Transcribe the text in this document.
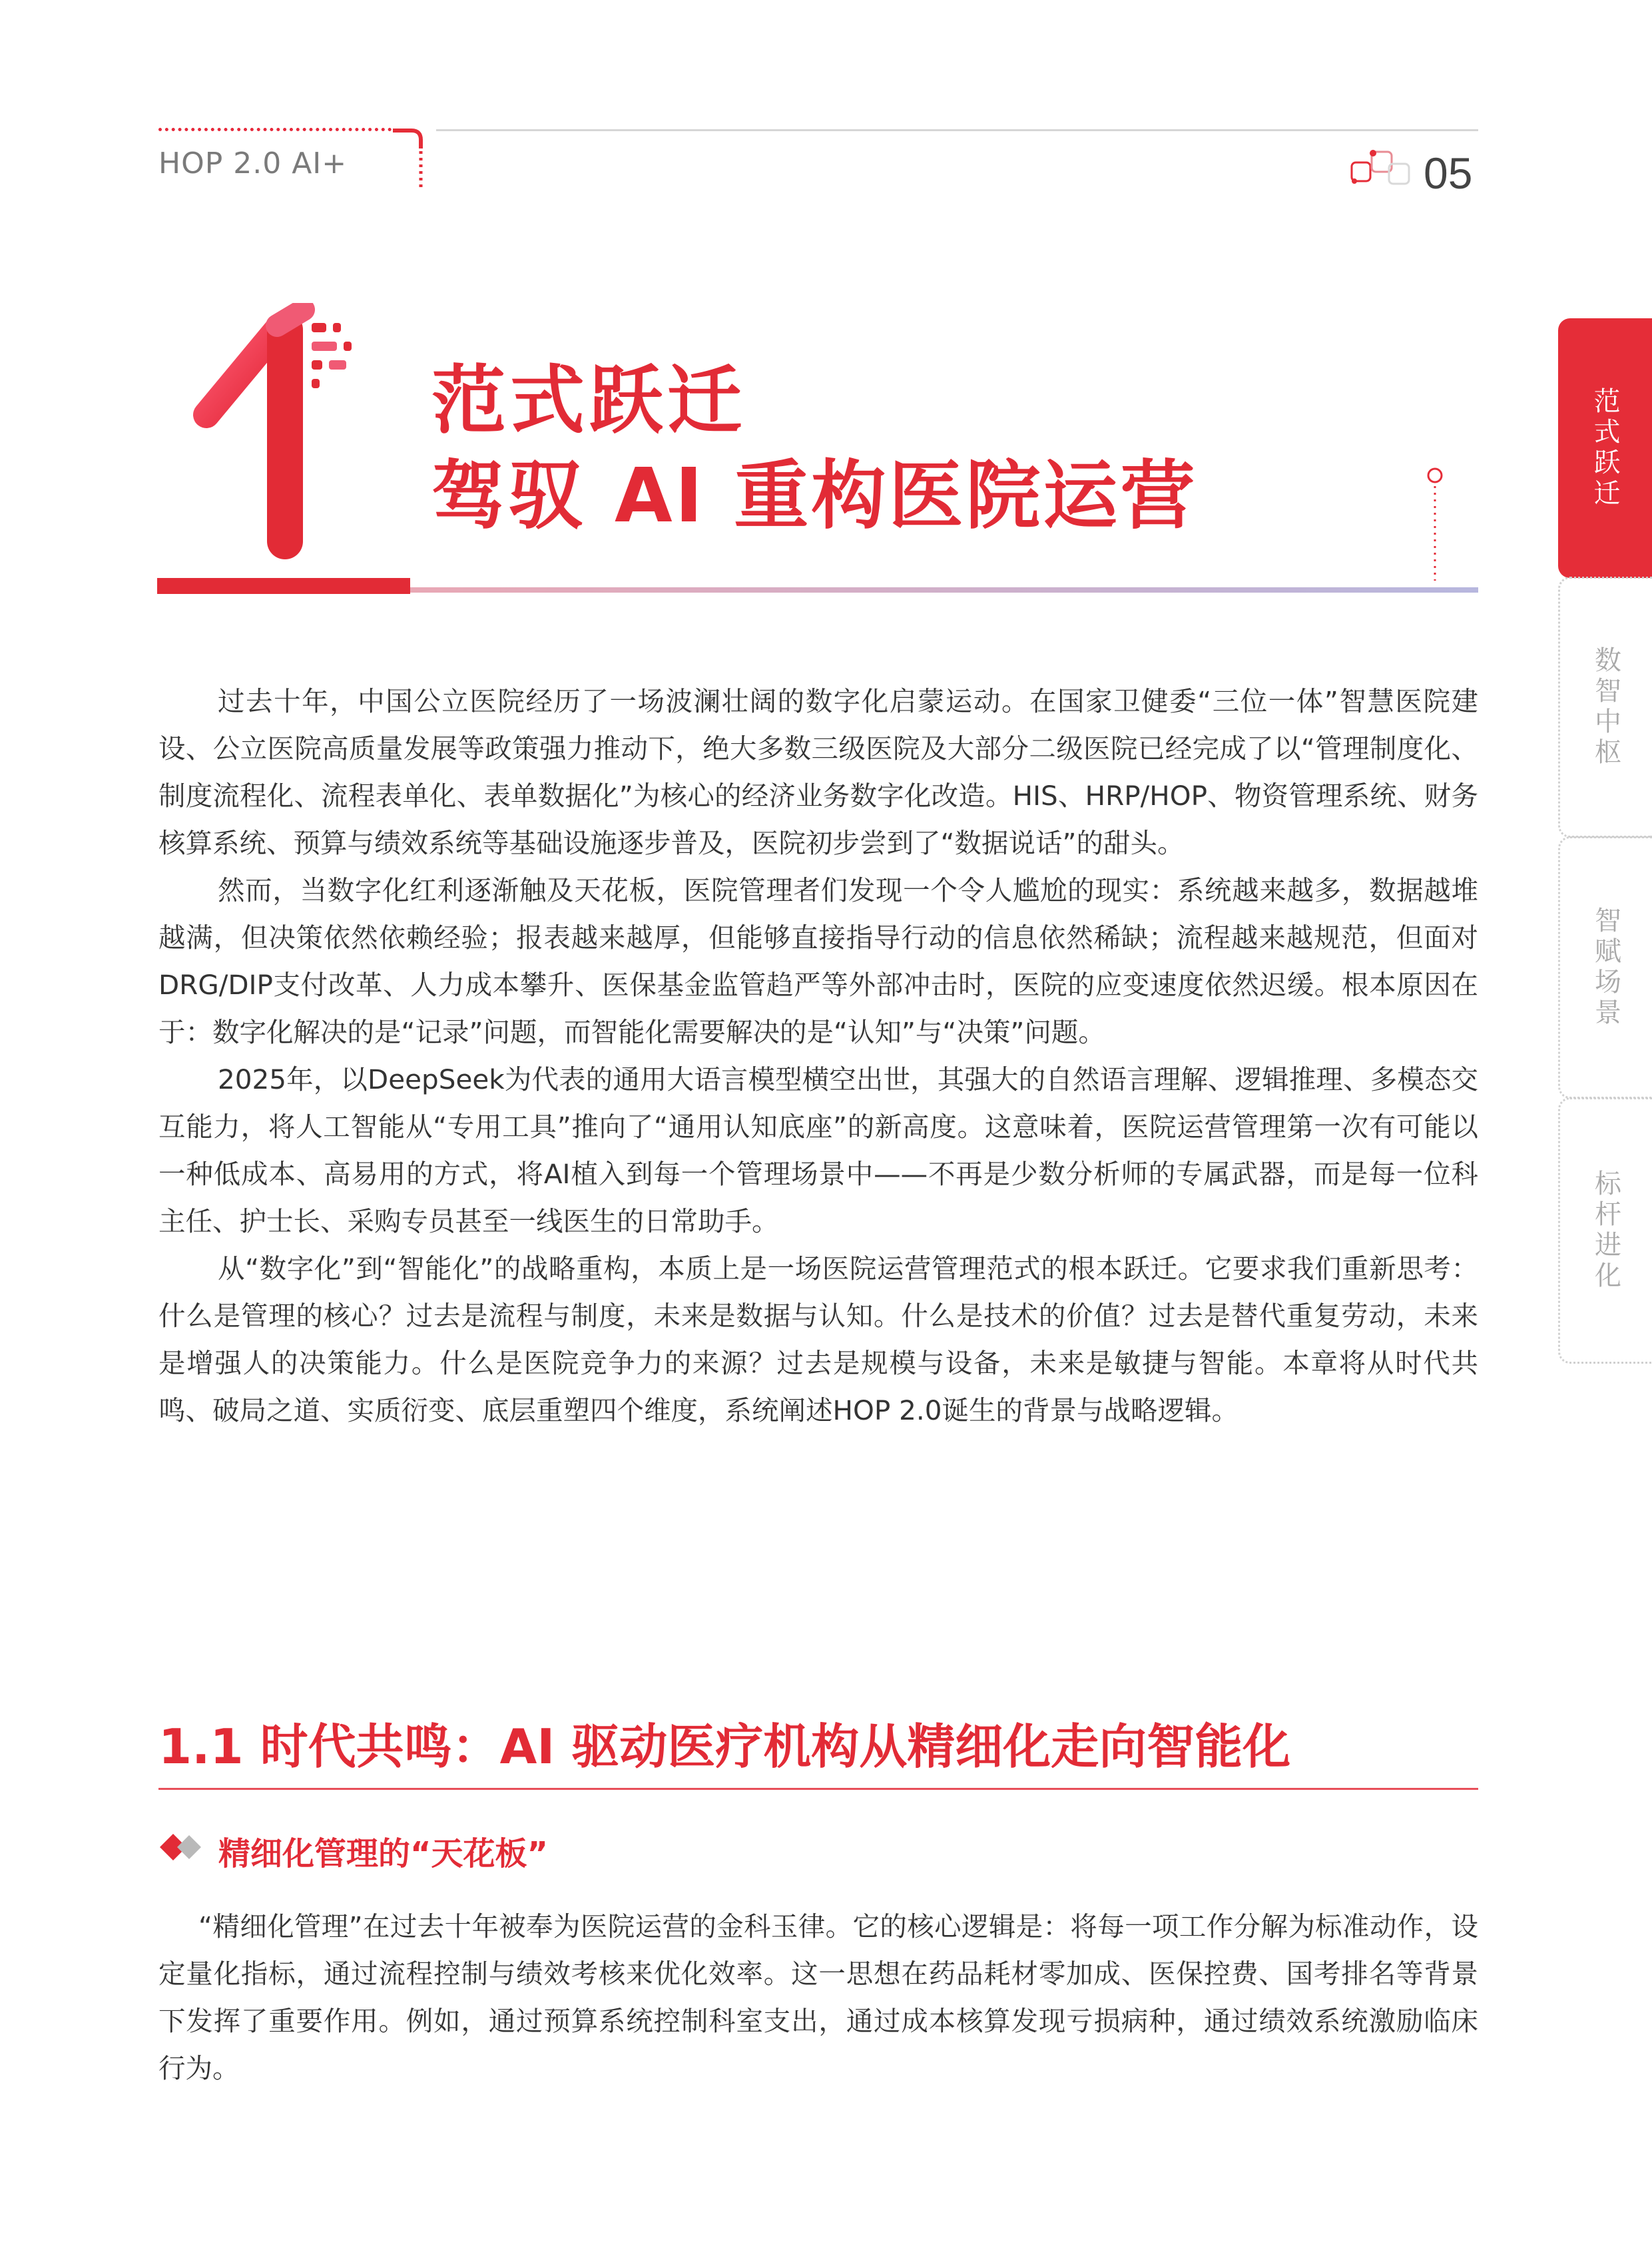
HOP 2.0 AI+	05
范式跃迁
数智中枢
智赋场景
标杆进化
范式跃迁
驾驭 AI 重构医院运营

过去十年，中国公立医院经历了一场波澜壮阔的数字化启蒙运动。在国家卫健委“三位一体”智慧医院建设、公立医院高质量发展等政策强力推动下，绝大多数三级医院及大部分二级医院已经完成了以“管理制度化、制度流程化、流程表单化、表单数据化”为核心的经济业务数字化改造。HIS、HRP/HOP、物资管理系统、财务核算系统、预算与绩效系统等基础设施逐步普及，医院初步尝到了“数据说话”的甜头。

然而，当数字化红利逐渐触及天花板，医院管理者们发现一个令人尴尬的现实：系统越来越多，数据越堆越满，但决策依然依赖经验；报表越来越厚，但能够直接指导行动的信息依然稀缺；流程越来越规范，但面对DRG/DIP支付改革、人力成本攀升、医保基金监管趋严等外部冲击时，医院的应变速度依然迟缓。根本原因在于：数字化解决的是“记录”问题，而智能化需要解决的是“认知”与“决策”问题。

2025年，以DeepSeek为代表的通用大语言模型横空出世，其强大的自然语言理解、逻辑推理、多模态交互能力，将人工智能从“专用工具”推向了“通用认知底座”的新高度。这意味着，医院运营管理第一次有可能以一种低成本、高易用的方式，将AI植入到每一个管理场景中——不再是少数分析师的专属武器，而是每一位科主任、护士长、采购专员甚至一线医生的日常助手。

从“数字化”到“智能化”的战略重构，本质上是一场医院运营管理范式的根本跃迁。它要求我们重新思考：什么是管理的核心？过去是流程与制度，未来是数据与认知。什么是技术的价值？过去是替代重复劳动，未来是增强人的决策能力。什么是医院竞争力的来源？过去是规模与设备，未来是敏捷与智能。本章将从时代共鸣、破局之道、实质衍变、底层重塑四个维度，系统阐述HOP 2.0诞生的背景与战略逻辑。

1.1 时代共鸣：AI 驱动医疗机构从精细化走向智能化
精细化管理的“天花板”

“精细化管理”在过去十年被奉为医院运营的金科玉律。它的核心逻辑是：将每一项工作分解为标准动作，设定量化指标，通过流程控制与绩效考核来优化效率。这一思想在药品耗材零加成、医保控费、国考排名等背景下发挥了重要作用。例如，通过预算系统控制科室支出，通过成本核算发现亏损病种，通过绩效系统激励临床行为。
